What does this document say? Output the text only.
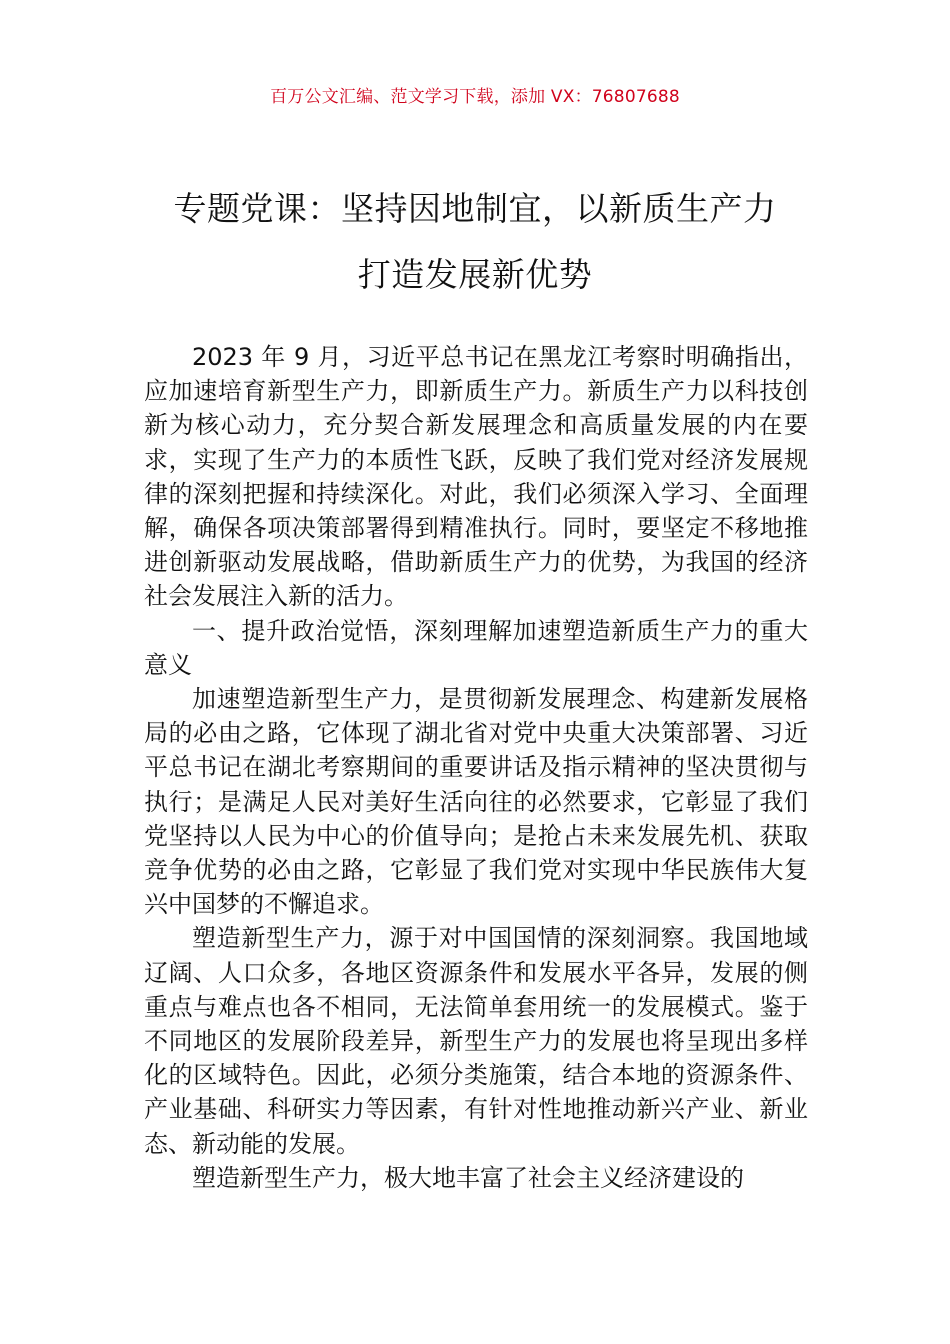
百万公文汇编、范文学习下载，添加 VX：76807688
专题党课：坚持因地制宜，以新质生产力
打造发展新优势

2023 年 9 月，习近平总书记在黑龙江考察时明确指出，应加速培育新型生产力，即新质生产力。新质生产力以科技创新为核心动力，充分契合新发展理念和高质量发展的内在要求，实现了生产力的本质性飞跃，反映了我们党对经济发展规律的深刻把握和持续深化。对此，我们必须深入学习、全面理解，确保各项决策部署得到精准执行。同时，要坚定不移地推进创新驱动发展战略，借助新质生产力的优势，为我国的经济社会发展注入新的活力。

一、提升政治觉悟，深刻理解加速塑造新质生产力的重大意义

加速塑造新型生产力，是贯彻新发展理念、构建新发展格局的必由之路，它体现了湖北省对党中央重大决策部署、习近平总书记在湖北考察期间的重要讲话及指示精神的坚决贯彻与执行；是满足人民对美好生活向往的必然要求，它彰显了我们党坚持以人民为中心的价值导向；是抢占未来发展先机、获取竞争优势的必由之路，它彰显了我们党对实现中华民族伟大复兴中国梦的不懈追求。

塑造新型生产力，源于对中国国情的深刻洞察。我国地域辽阔、人口众多，各地区资源条件和发展水平各异，发展的侧重点与难点也各不相同，无法简单套用统一的发展模式。鉴于不同地区的发展阶段差异，新型生产力的发展也将呈现出多样化的区域特色。因此，必须分类施策，结合本地的资源条件、产业基础、科研实力等因素，有针对性地推动新兴产业、新业态、新动能的发展。

塑造新型生产力，极大地丰富了社会主义经济建设的
